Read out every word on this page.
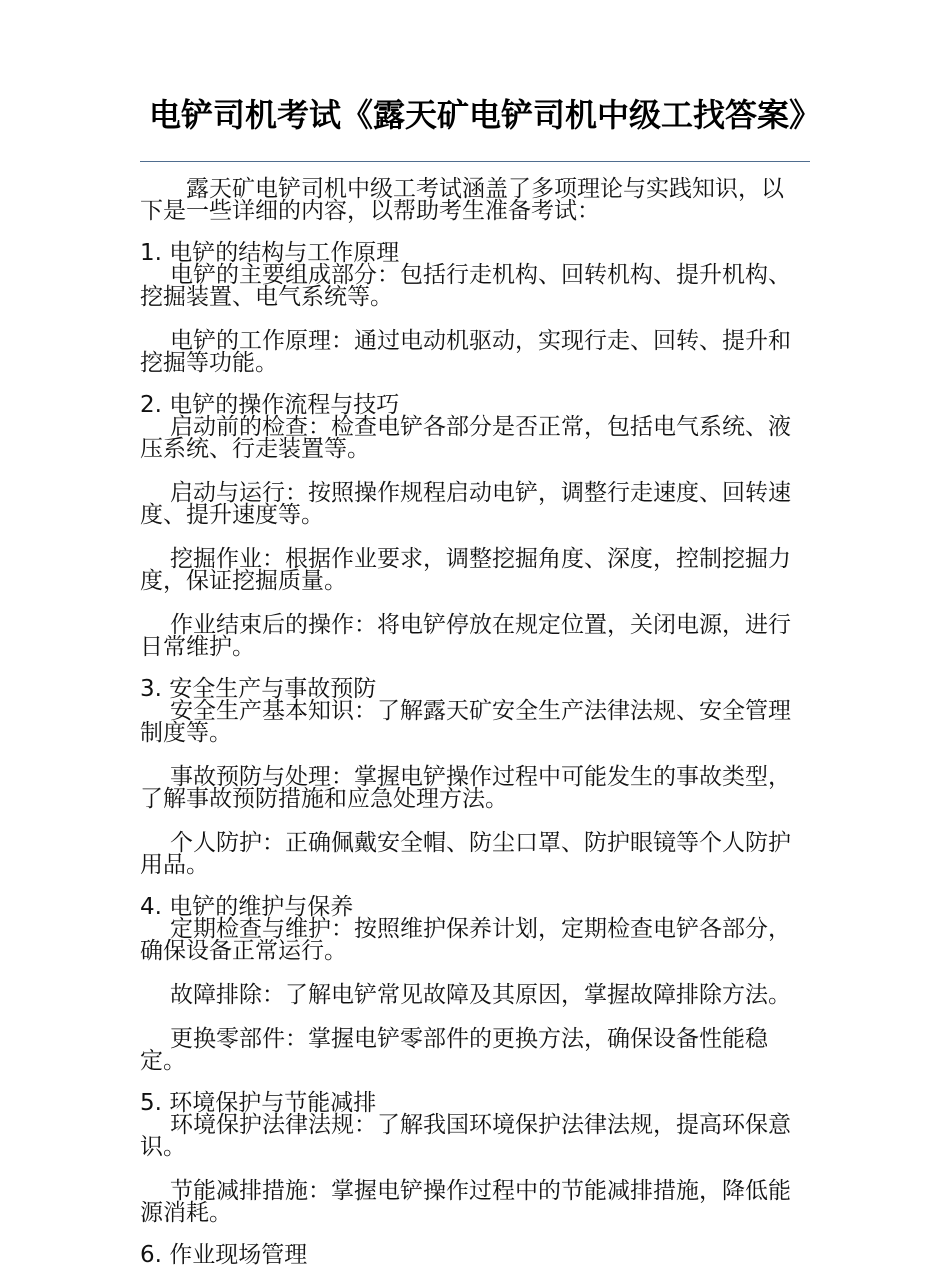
电铲司机考试《露天矿电铲司机中级工找答案》

露天矿电铲司机中级工考试涵盖了多项理论与实践知识，以下是一些详细的内容，以帮助考生准备考试：

1. 电铲的结构与工作原理

电铲的主要组成部分：包括行走机构、回转机构、提升机构、挖掘装置、电气系统等。

电铲的工作原理：通过电动机驱动，实现行走、回转、提升和挖掘等功能。

2. 电铲的操作流程与技巧

启动前的检查：检查电铲各部分是否正常，包括电气系统、液压系统、行走装置等。

启动与运行：按照操作规程启动电铲，调整行走速度、回转速度、提升速度等。

挖掘作业：根据作业要求，调整挖掘角度、深度，控制挖掘力度，保证挖掘质量。

作业结束后的操作：将电铲停放在规定位置，关闭电源，进行日常维护。

3. 安全生产与事故预防

安全生产基本知识：了解露天矿安全生产法律法规、安全管理制度等。

事故预防与处理：掌握电铲操作过程中可能发生的事故类型，了解事故预防措施和应急处理方法。

个人防护：正确佩戴安全帽、防尘口罩、防护眼镜等个人防护用品。

4. 电铲的维护与保养

定期检查与维护：按照维护保养计划，定期检查电铲各部分，确保设备正常运行。

故障排除：了解电铲常见故障及其原因，掌握故障排除方法。

更换零部件：掌握电铲零部件的更换方法，确保设备性能稳定。

5. 环境保护与节能减排

环境保护法律法规：了解我国环境保护法律法规，提高环保意识。

节能减排措施：掌握电铲操作过程中的节能减排措施，降低能源消耗。

6. 作业现场管理
